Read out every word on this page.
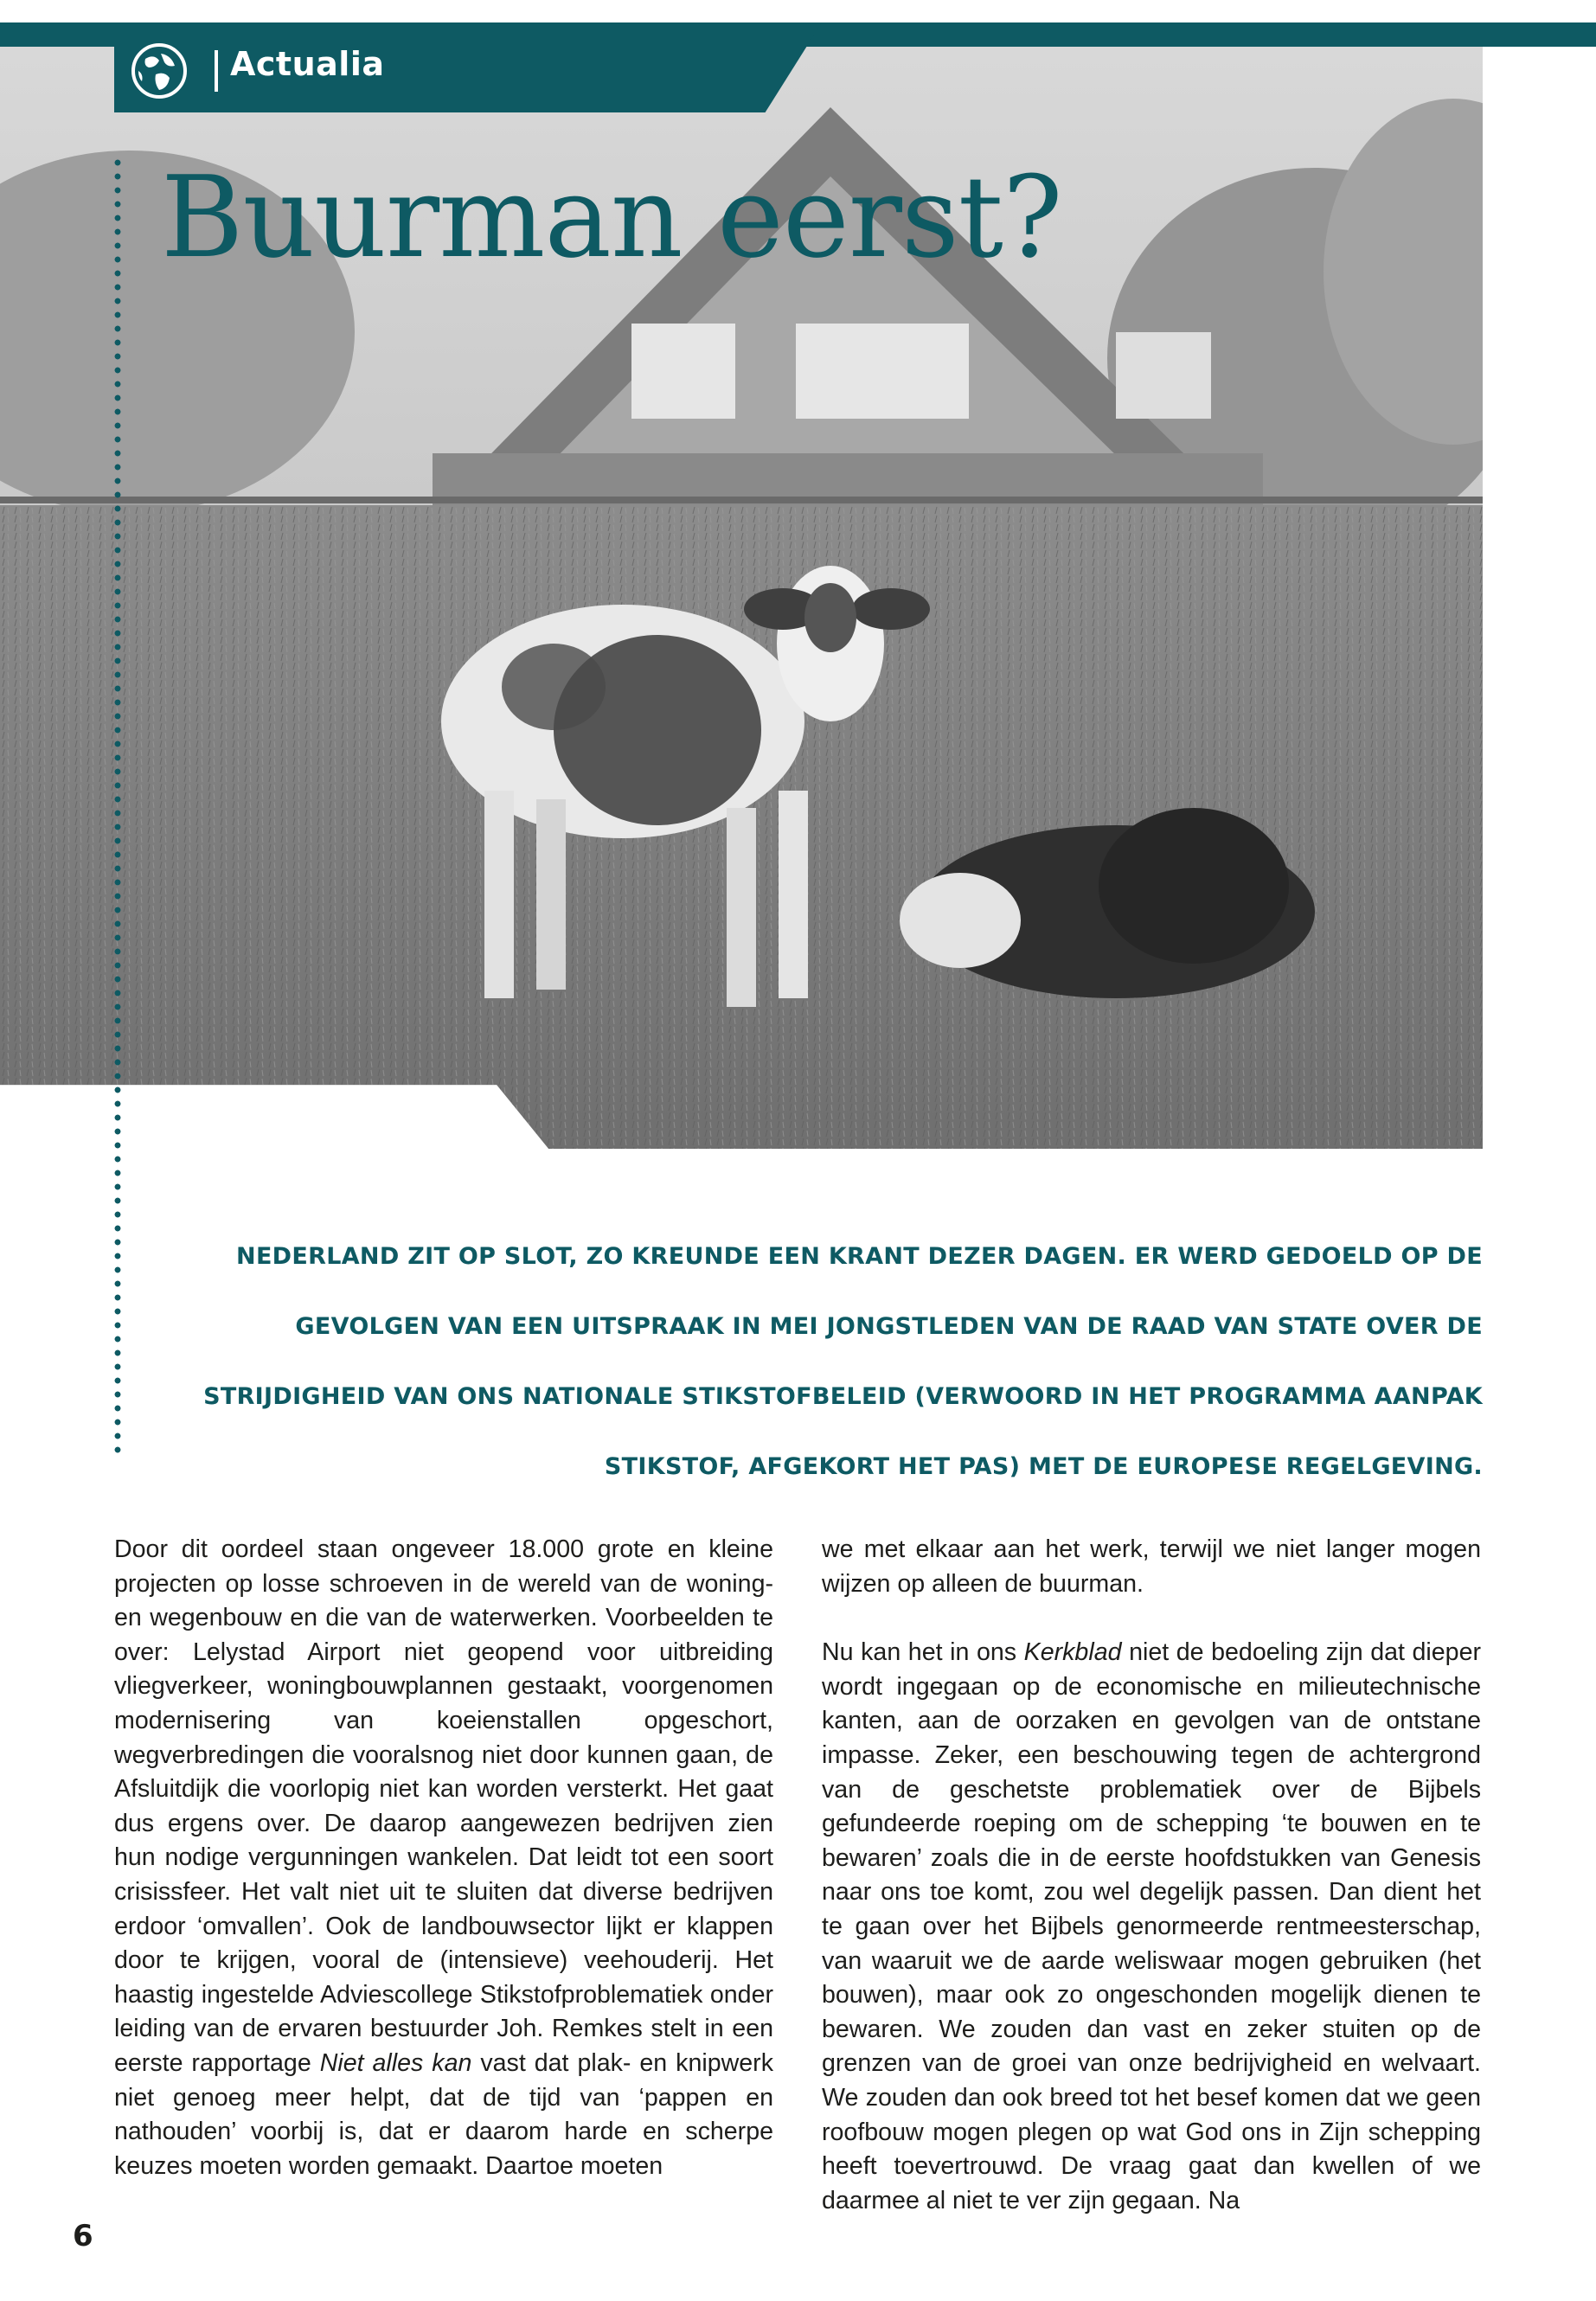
Actualia
Buurman eerst?

NEDERLAND ZIT OP SLOT, ZO KREUNDE EEN KRANT DEZER DAGEN. ER WERD GEDOELD OP DE GEVOLGEN VAN EEN UITSPRAAK IN MEI JONGSTLEDEN VAN DE RAAD VAN STATE OVER DE STRIJDIGHEID VAN ONS NATIONALE STIKSTOFBELEID (VERWOORD IN HET PROGRAMMA AANPAK STIKSTOF, AFGEKORT HET PAS) MET DE EUROPESE REGELGEVING.

Door dit oordeel staan ongeveer 18.000 grote en kleine projecten op losse schroeven in de wereld van de woning- en wegenbouw en die van de waterwerken. Voorbeelden te over: Lelystad Airport niet geopend voor uitbreiding vliegverkeer, woningbouwplannen gestaakt, voorgenomen modernisering van koeienstallen opgeschort, wegverbredingen die vooralsnog niet door kunnen gaan, de Afsluitdijk die voorlopig niet kan worden versterkt. Het gaat dus ergens over. De daarop aangewezen bedrijven zien hun nodige vergunningen wankelen. Dat leidt tot een soort crisissfeer. Het valt niet uit te sluiten dat diverse bedrijven erdoor ‘omvallen’. Ook de landbouwsector lijkt er klappen door te krijgen, vooral de (intensieve) veehouderij. Het haastig ingestelde Adviescollege Stikstofproblematiek onder leiding van de ervaren bestuurder Joh. Remkes stelt in een eerste rapportage Niet alles kan vast dat plak- en knipwerk niet genoeg meer helpt, dat de tijd van ‘pappen en nathouden’ voorbij is, dat er daarom harde en scherpe keuzes moeten worden gemaakt. Daartoe moeten

we met elkaar aan het werk, terwijl we niet langer mogen wijzen op alleen de buurman.

Nu kan het in ons Kerkblad niet de bedoeling zijn dat dieper wordt ingegaan op de economische en milieutechnische kanten, aan de oorzaken en gevolgen van de ontstane impasse. Zeker, een beschouwing tegen de achtergrond van de geschetste problematiek over de Bijbels gefundeerde roeping om de schepping ‘te bouwen en te bewaren’ zoals die in de eerste hoofdstukken van Genesis naar ons toe komt, zou wel degelijk passen. Dan dient het te gaan over het Bijbels genormeerde rentmeesterschap, van waaruit we de aarde weliswaar mogen gebruiken (het bouwen), maar ook zo ongeschonden mogelijk dienen te bewaren. We zouden dan vast en zeker stuiten op de grenzen van de groei van onze bedrijvigheid en welvaart. We zouden dan ook breed tot het besef komen dat we geen roofbouw mogen plegen op wat God ons in Zijn schepping heeft toevertrouwd. De vraag gaat dan kwellen of we daarmee al niet te ver zijn gegaan. Na

6
